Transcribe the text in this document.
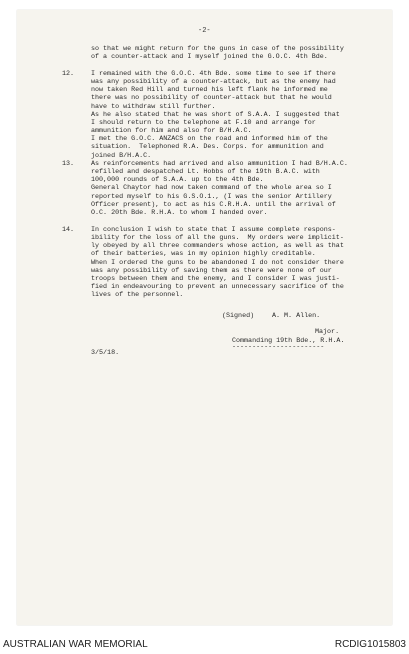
-2-
so that we might return for the guns in case of the possibility
of a counter-attack and I myself joined the G.O.C. 4th Bde.
12.	I remained with the G.O.C. 4th Bde. some time to see if there
was any possibility of a counter-attack, but as the enemy had
now taken Red Hill and turned his left flank he informed me
there was no possibility of counter-attack but that he would
have to withdraw still further.
As he also stated that he was short of S.A.A. I suggested that
I should return to the telephone at F.10 and arrange for
ammunition for him and also for B/H.A.C.
I met the G.O.C. ANZACS on the road and informed him of the
situation.  Telephoned R.A. Des. Corps. for ammunition and
joined B/H.A.C.
13.	As reinforcements had arrived and also ammunition I had B/H.A.C.
refilled and despatched Lt. Hobbs of the 19th B.A.C. with
100,000 rounds of S.A.A. up to the 4th Bde.
General Chaytor had now taken command of the whole area so I
reported myself to his G.S.O.1., (I was the senior Artillery
Officer present), to act as his C.R.H.A. until the arrival of
O.C. 20th Bde. R.H.A. to whom I handed over.
14.	In conclusion I wish to state that I assume complete respons-
ibility for the loss of all the guns.  My orders were implicit-
ly obeyed by all three commanders whose action, as well as that
of their batteries, was in my opinion highly creditable.
When I ordered the guns to be abandoned I do not consider there
was any possibility of saving them as there were none of our
troops between them and the enemy, and I consider I was justi-
fied in endeavouring to prevent an unnecessary sacrifice of the
lives of the personnel.
(Signed)	A. M. Allen.
Major.
Commanding 19th Bde., R.H.A.
-----------------------
3/5/18.
AUSTRALIAN WAR MEMORIAL	RCDIG1015803
